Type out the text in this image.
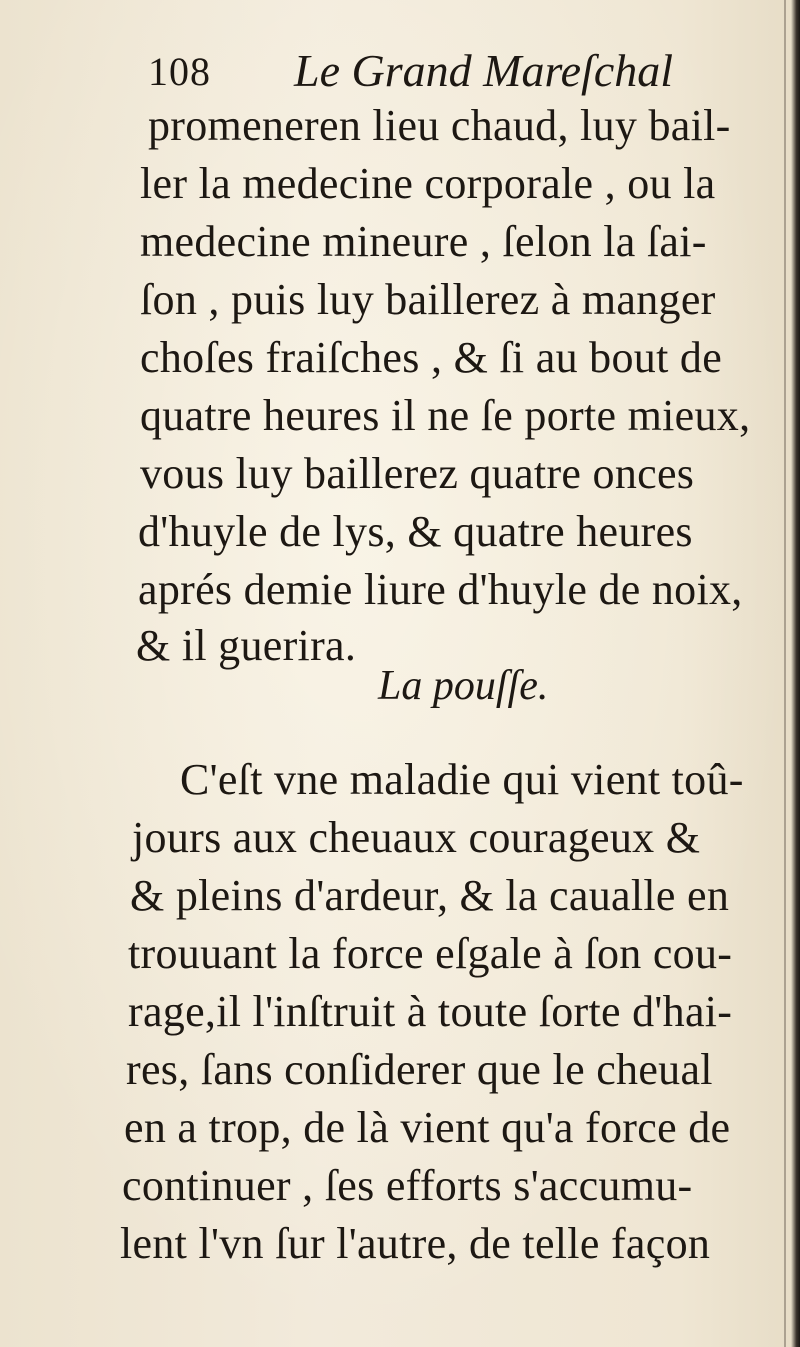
108 Le Grand Mareſchal
promeneren lieu chaud, luy bail-
ler la medecine corporale , ou la
medecine mineure , ſelon la ſai-
ſon , puis luy baillerez à manger
choſes fraiſches , & ſi au bout de
quatre heures il ne ſe porte mieux,
vous luy baillerez quatre onces
d'huyle de lys, & quatre heures
aprés demie liure d'huyle de noix,
& il guerira.
La pouſſe.
C'eſt vne maladie qui vient toû-
jours aux cheuaux courageux &
& pleins d'ardeur, & la caualle en
trouuant la force eſgale à ſon cou-
rage,il l'inſtruit à toute ſorte d'hai-
res, ſans conſiderer que le cheual
en a trop, de là vient qu'a force de
continuer , ſes efforts s'accumu-
lent l'vn ſur l'autre, de telle façon
